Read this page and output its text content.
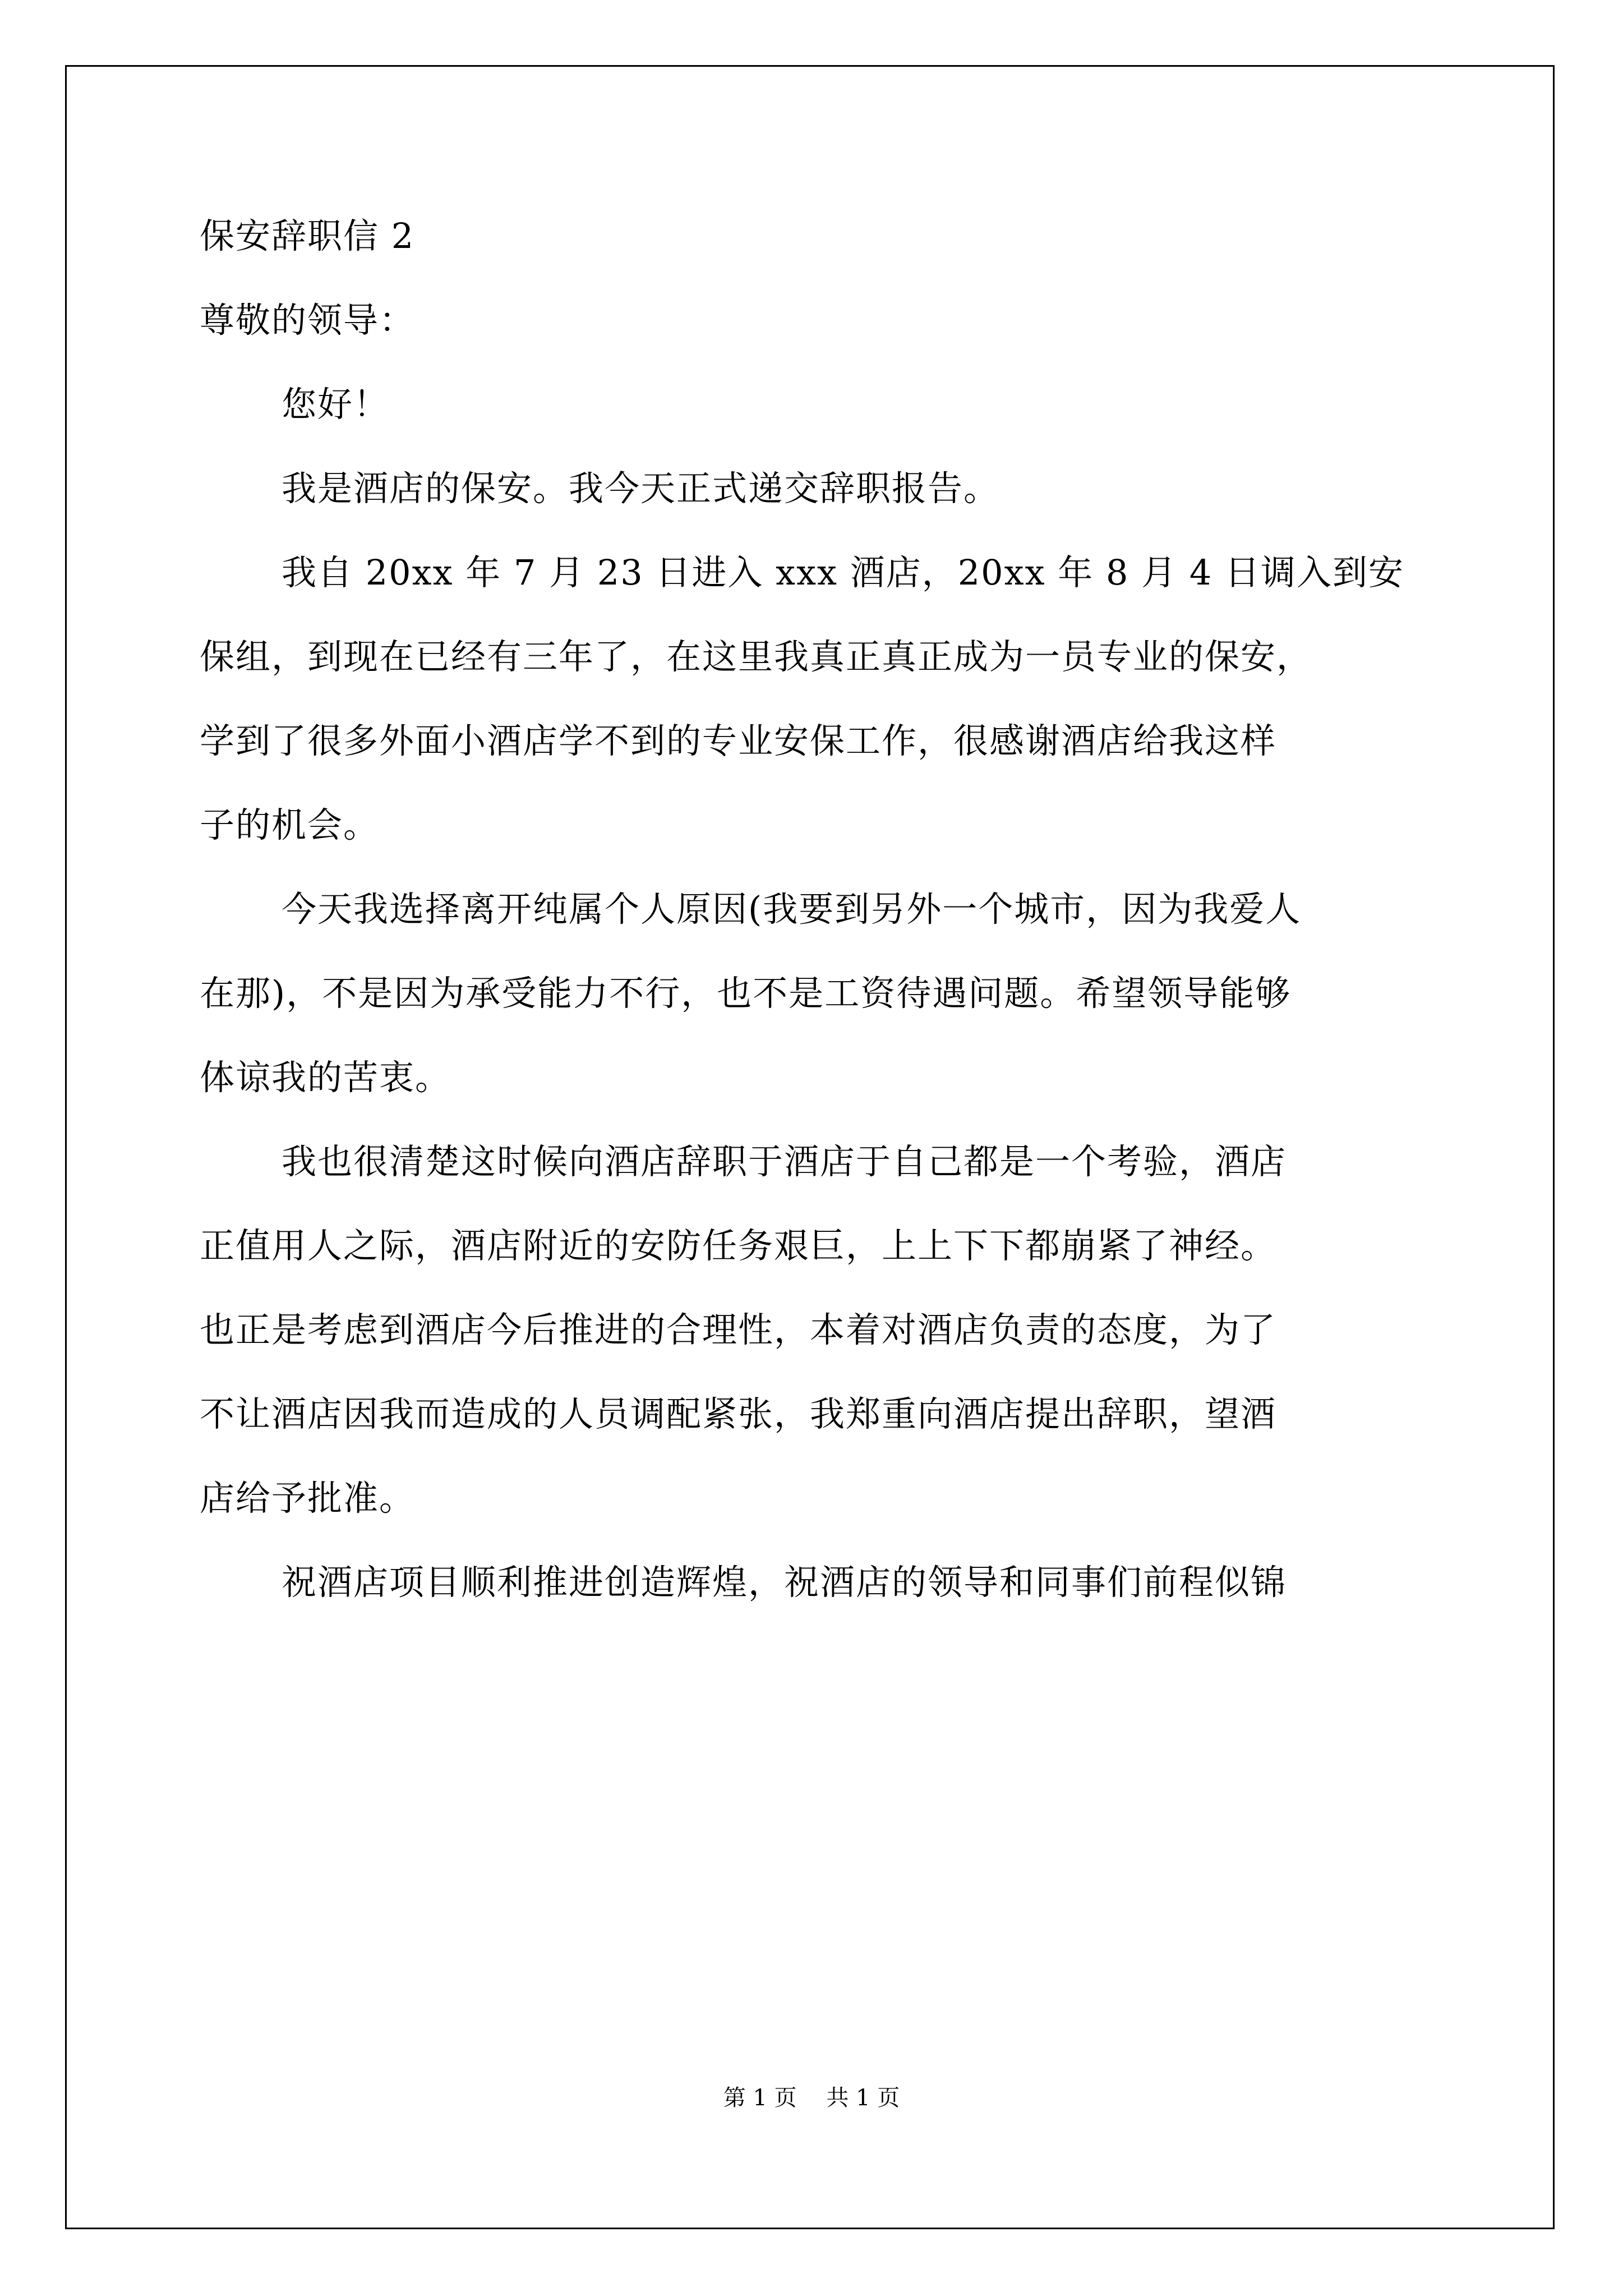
保安辞职信 2
尊敬的领导：
您好！
我是酒店的保安。我今天正式递交辞职报告。
我自 20xx 年 7 月 23 日进入 xxx 酒店，20xx 年 8 月 4 日调入到安
保组，到现在已经有三年了，在这里我真正真正成为一员专业的保安，
学到了很多外面小酒店学不到的专业安保工作，很感谢酒店给我这样
子的机会。
今天我选择离开纯属个人原因(我要到另外一个城市，因为我爱人
在那)，不是因为承受能力不行，也不是工资待遇问题。希望领导能够
体谅我的苦衷。
我也很清楚这时候向酒店辞职于酒店于自己都是一个考验，酒店
正值用人之际，酒店附近的安防任务艰巨，上上下下都崩紧了神经。
也正是考虑到酒店今后推进的合理性，本着对酒店负责的态度，为了
不让酒店因我而造成的人员调配紧张，我郑重向酒店提出辞职，望酒
店给予批准。
祝酒店项目顺利推进创造辉煌，祝酒店的领导和同事们前程似锦
第 1 页 共 1 页
